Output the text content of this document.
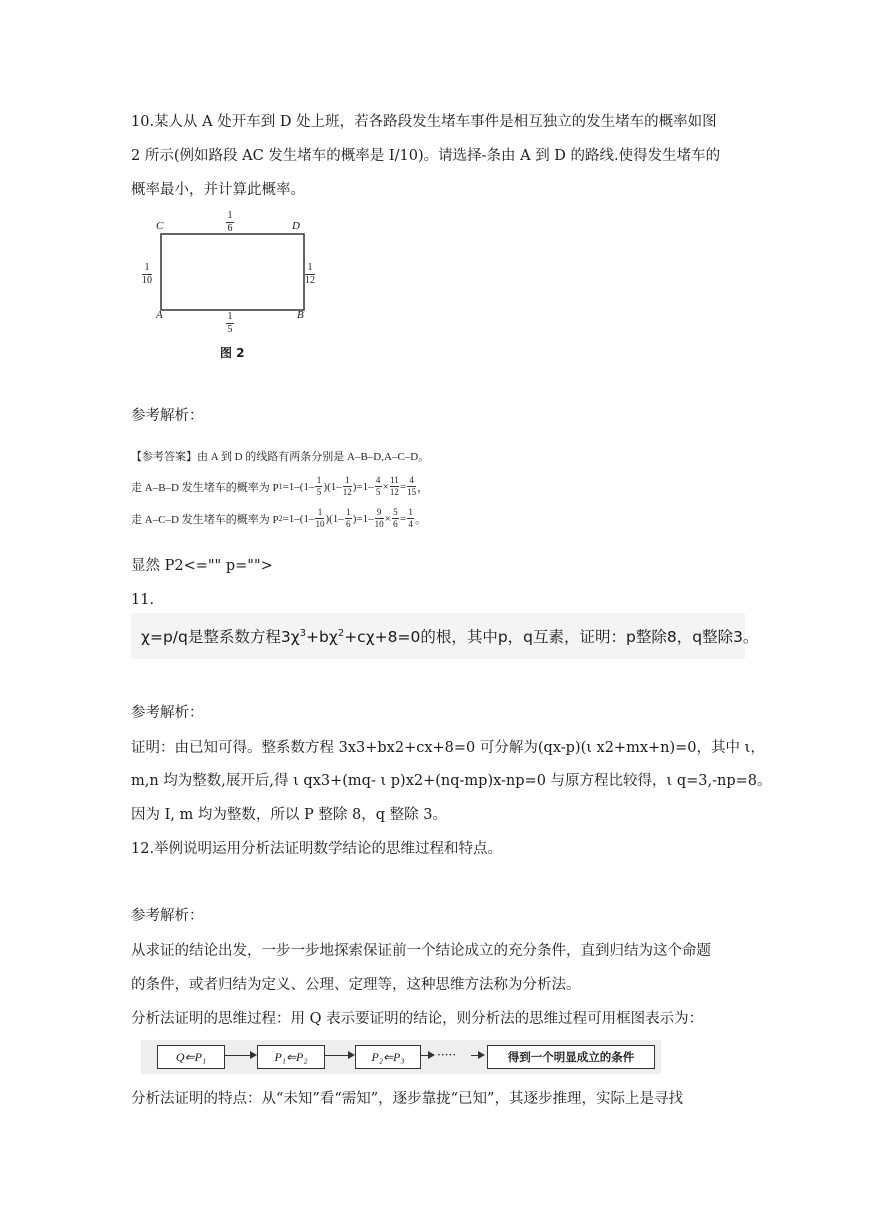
10.某人从 A 处开车到 D 处上班，若各路段发生堵车事件是相互独立的发生堵车的概率如图
2 所示(例如路段 AC 发生堵车的概率是 I/10)。请选择-条由 A 到 D 的路线.使得发生堵车的
概率最小，并计算此概率。
C	D
A	B
1
6
1
10
1
12
1
5
图 2
参考解析：
【参考答案】由 A 到 D 的线路有两条分别是 A–B–D,A–C–D。
走 A–B–D 发生堵车的概率为 P 1 =1–(1–
1
5 )(1–
1
12 )=1–
4
5 ×
11
12 =
4
15 ，
走 A–C–D 发生堵车的概率为 P 2 =1–(1–
1
10 )(1–
1
6 )=1–
9
10 ×
5
6 =
1
4 。
显然 P2<="" p="">
11.
χ=p/q是整系数方程$3\chi^3+b\chi^2+c\chi+8=0$的根，其中p，q互素，证明：p整除8，q整除3。
参考解析：
证明：由已知可得。整系数方程 3x3+bx2+cx+8=0 可分解为(qx-p)(ι x2+mx+n)=0，其中 ι，
m,n 均为整数,展开后,得 ι qx3+(mq- ι p)x2+(nq-mp)x-np=0 与原方程比较得，ι q=3,-np=8。
因为 I, m 均为整数，所以 P 整除 8，q 整除 3。
12.举例说明运用分析法证明数学结论的思维过程和特点。
参考解析：
从求证的结论出发，一步一步地探索保证前一个结论成立的充分条件，直到归结为这个命题
的条件，或者归结为定义、公理、定理等，这种思维方法称为分析法。
分析法证明的思维过程：用 Q 表示要证明的结论，则分析法的思维过程可用框图表示为：
Q⇐P₁	P₁⇐P₂	P₂⇐P₃	·····	得到一个明显成立的条件
分析法证明的特点：从“未知”看“需知”，逐步靠拢“已知”，其逐步推理，实际上是寻找
